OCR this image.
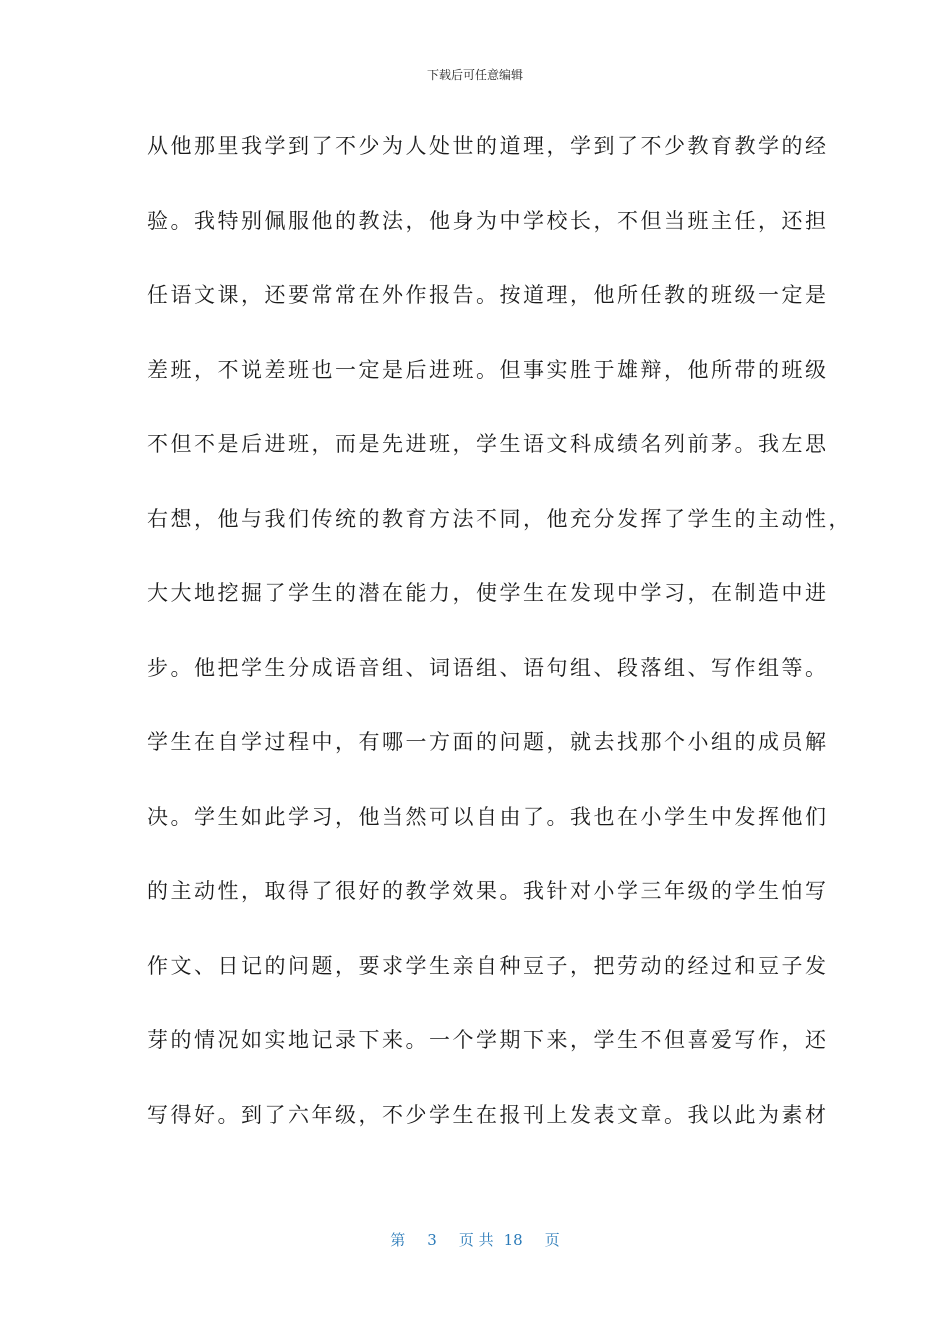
下载后可任意编辑
从他那里我学到了不少为人处世的道理，学到了不少教育教学的经
验。我特别佩服他的教法，他身为中学校长，不但当班主任，还担
任语文课，还要常常在外作报告。按道理，他所任教的班级一定是
差班，不说差班也一定是后进班。但事实胜于雄辩，他所带的班级
不但不是后进班，而是先进班，学生语文科成绩名列前茅。我左思
右想，他与我们传统的教育方法不同，他充分发挥了学生的主动性，
大大地挖掘了学生的潜在能力，使学生在发现中学习，在制造中进
步。他把学生分成语音组、词语组、语句组、段落组、写作组等。
学生在自学过程中，有哪一方面的问题，就去找那个小组的成员解
决。学生如此学习，他当然可以自由了。我也在小学生中发挥他们
的主动性，取得了很好的教学效果。我针对小学三年级的学生怕写
作文、日记的问题，要求学生亲自种豆子，把劳动的经过和豆子发
芽的情况如实地记录下来。一个学期下来，学生不但喜爱写作，还
写得好。到了六年级，不少学生在报刊上发表文章。我以此为素材
第 3 页 共 18 页
